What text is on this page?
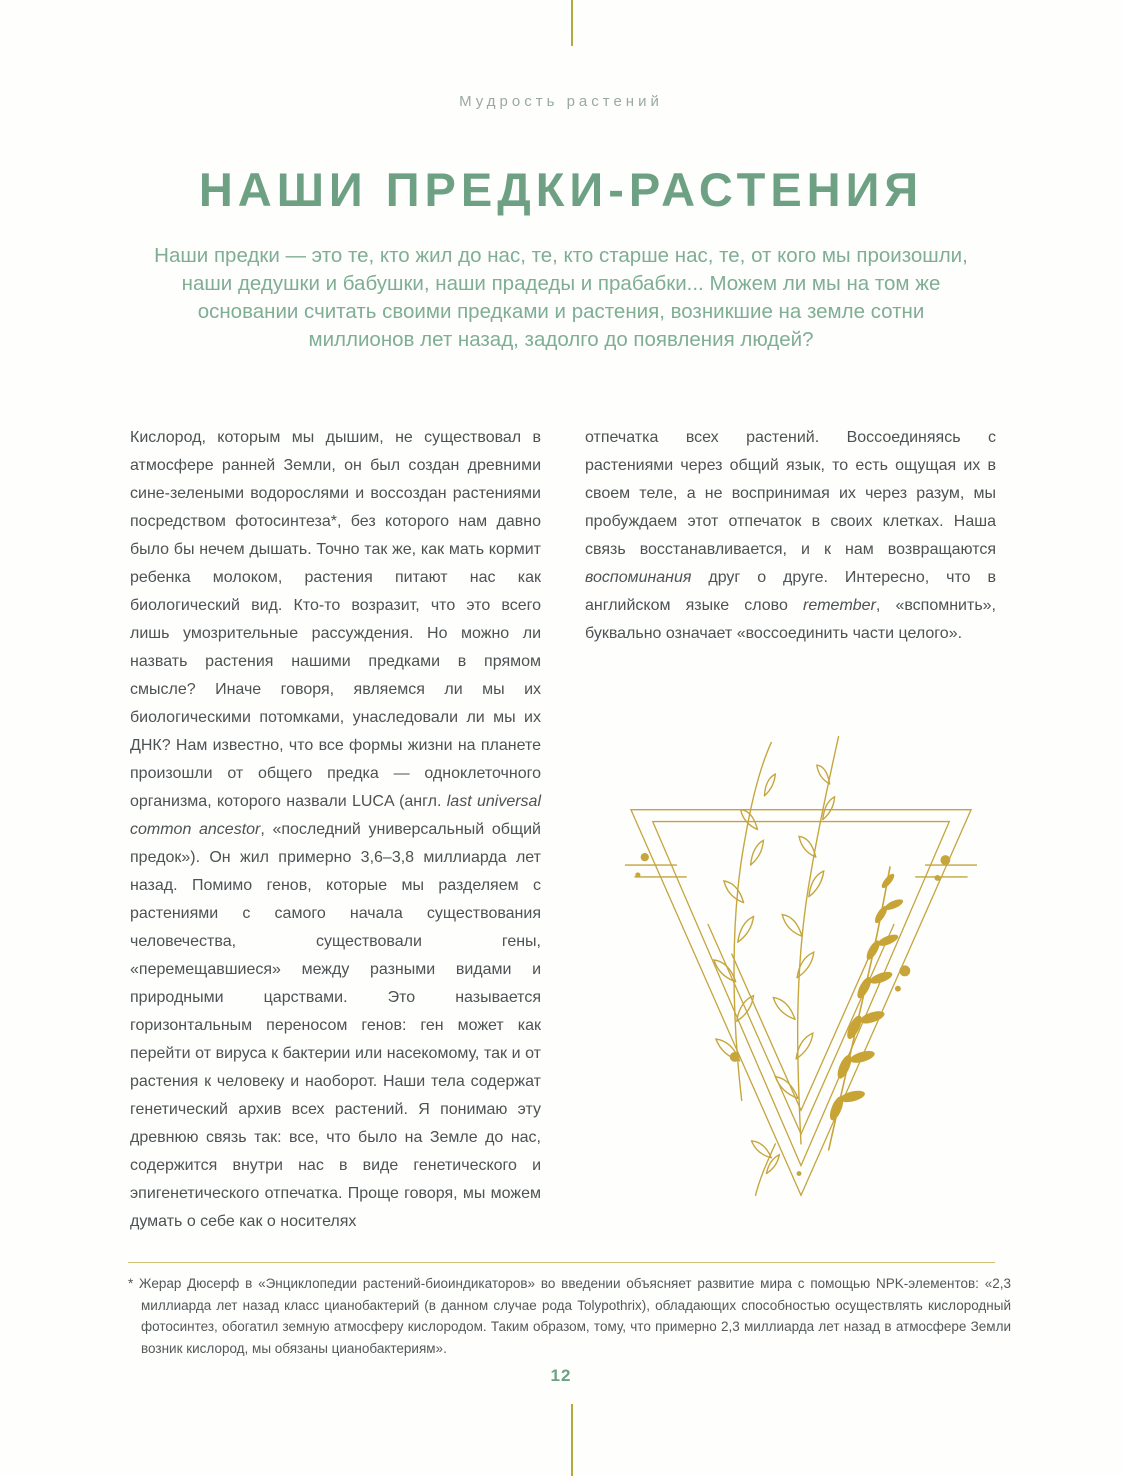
Мудрость растений
НАШИ ПРЕДКИ-РАСТЕНИЯ

Наши предки — это те, кто жил до нас, те, кто старше нас, те, от кого мы произошли, наши дедушки и бабушки, наши прадеды и прабабки... Можем ли мы на том же основании считать своими предками и растения, возникшие на земле сотни миллионов лет назад, задолго до появления людей?

Кислород, которым мы дышим, не существовал в атмосфере ранней Земли, он был создан древними сине-зелеными водорослями и воссоздан растениями посредством фотосинтеза*, без которого нам давно было бы нечем дышать. Точно так же, как мать кормит ребенка молоком, растения питают нас как биологический вид. Кто-то возразит, что это всего лишь умозрительные рассуждения. Но можно ли назвать растения нашими предками в прямом смысле? Иначе говоря, являемся ли мы их биологическими потомками, унаследовали ли мы их ДНК? Нам известно, что все формы жизни на планете произошли от общего предка — одноклеточного организма, которого назвали LUCA (англ. last universal common ancestor, «последний универсальный общий предок»). Он жил примерно 3,6–3,8 миллиарда лет назад. Помимо генов, которые мы разделяем с растениями с самого начала существования человечества, существовали гены, «перемещавшиеся» между разными видами и природными царствами. Это называется горизонтальным переносом генов: ген может как перейти от вируса к бактерии или насекомому, так и от растения к человеку и наоборот. Наши тела содержат генетический архив всех растений. Я понимаю эту древнюю связь так: все, что было на Земле до нас, содержится внутри нас в виде генетического и эпигенетического отпечатка. Проще говоря, мы можем думать о себе как о носителях

отпечатка всех растений. Воссоединяясь с растениями через общий язык, то есть ощущая их в своем теле, а не воспринимая их через разум, мы пробуждаем этот отпечаток в своих клетках. Наша связь восстанавливается, и к нам возвращаются воспоминания друг о друге. Интересно, что в английском языке слово remember, «вспомнить», буквально означает «воссоединить части целого».

* Жерар Дюсерф в «Энциклопедии растений-биоиндикаторов» во введении объясняет развитие мира с помощью NPK-элементов: «2,3 миллиарда лет назад класс цианобактерий (в данном случае рода Tolypothrix), обладающих способностью осуществлять кислородный фотосинтез, обогатил земную атмосферу кислородом. Таким образом, тому, что примерно 2,3 миллиарда лет назад в атмосфере Земли возник кислород, мы обязаны цианобактериям».

12
